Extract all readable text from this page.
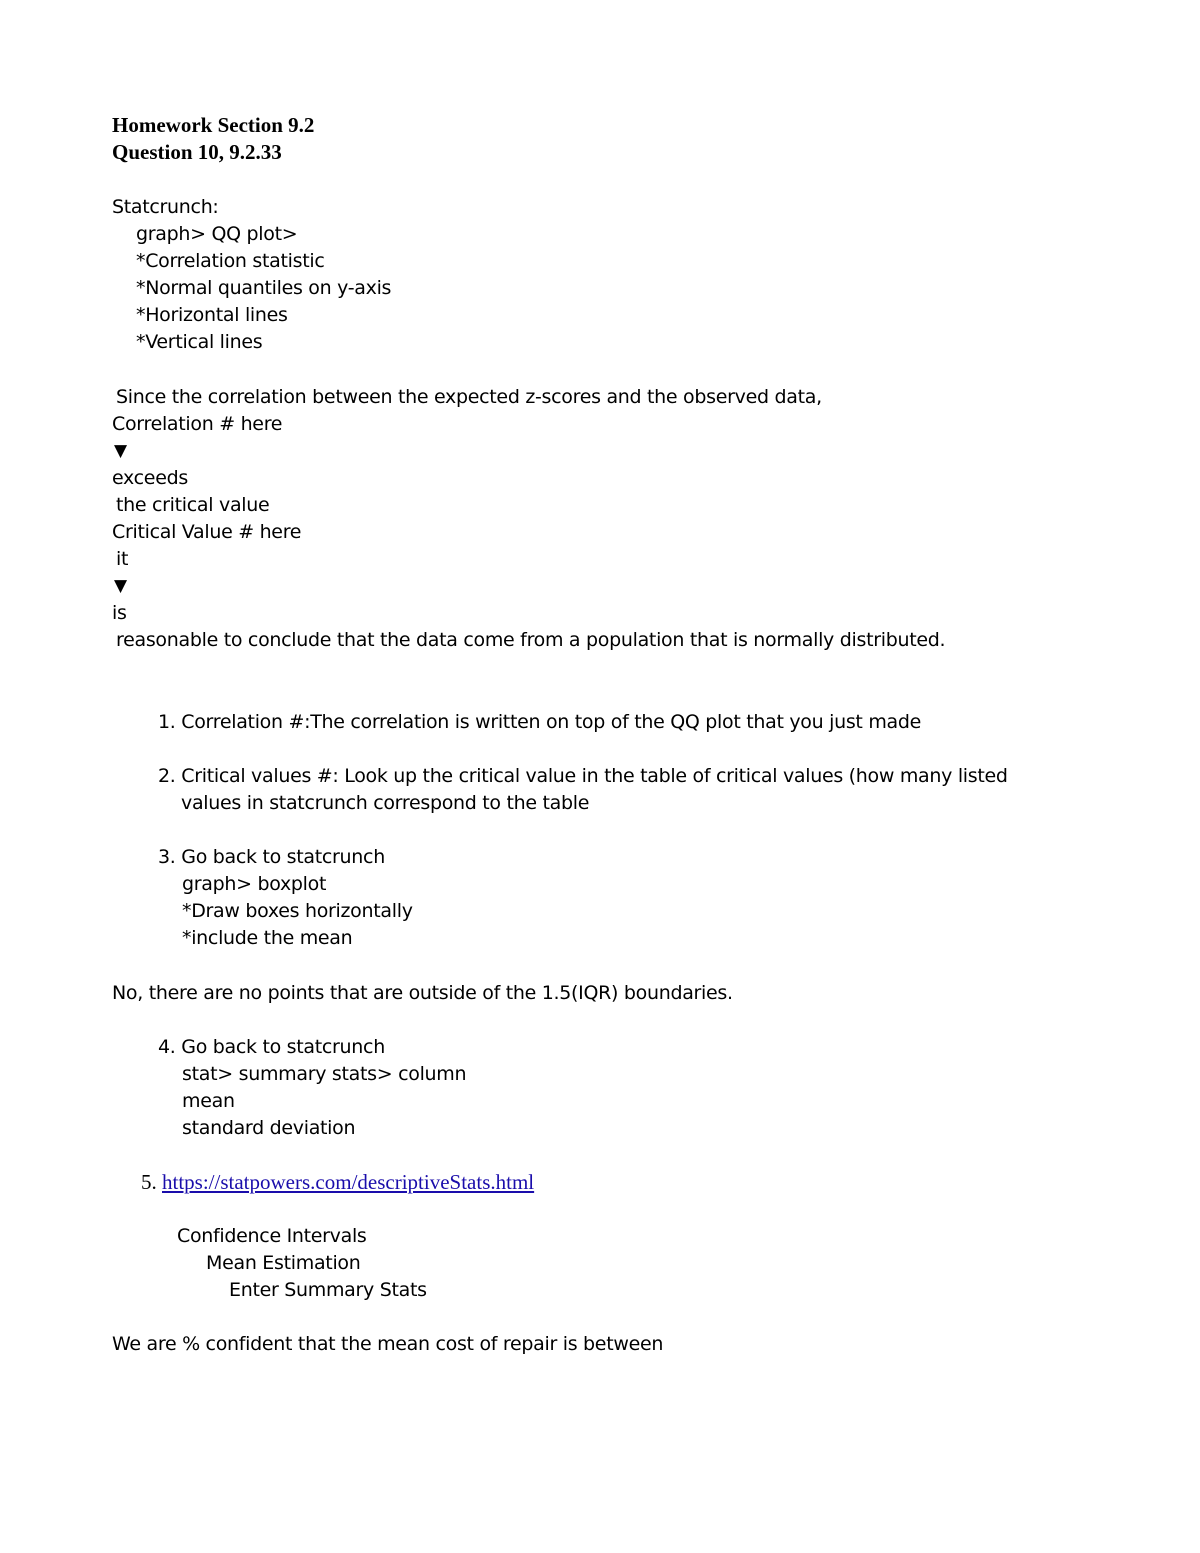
Homework Section 9.2

Question 10, 9.2.33

Statcrunch:

graph> QQ plot>

*Correlation statistic

*Normal quantiles on y-axis

*Horizontal lines

*Vertical lines

Since the correlation between the expected z-scores and the observed data,

Correlation # here

▼

exceeds

the critical value

Critical Value # here

it

▼

is

reasonable to conclude that the data come from a population that is normally distributed.

1. Correlation #:The correlation is written on top of the QQ plot that you just made

2. Critical values #: Look up the critical value in the table of critical values (how many listed

values in statcrunch correspond to the table

3. Go back to statcrunch

graph> boxplot

*Draw boxes horizontally

*include the mean

No, there are no points that are outside of the 1.5(IQR) boundaries.

4. Go back to statcrunch

stat> summary stats> column

mean

standard deviation

5. https://statpowers.com/descriptiveStats.html

Confidence Intervals

Mean Estimation

Enter Summary Stats

We are % confident that the mean cost of repair is between
